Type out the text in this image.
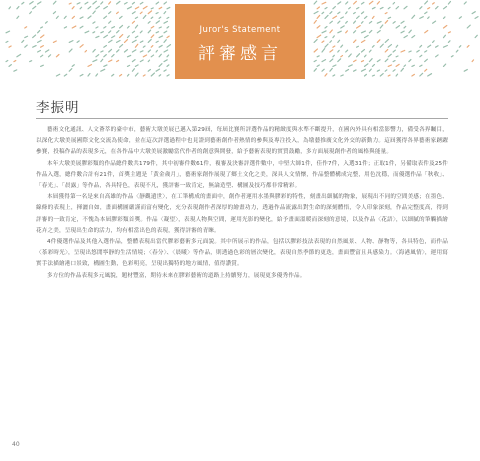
Juror's Statement
評審感言
李振明

藝術文化通訊、人文薈萃的臺中市，藝術大墩美展已邁入第29屆，每屆比賽所評選作品的精緻度與水準不斷提升，在國內外具有相當影響力，備受各界矚目，以深化大墩美展國際文化交流為使命，並在這次評選過程中也見證到藝術創作者熱情的參與及專注投入，為墩藝推廣文化外交的新動力。這屆獲得各界藝術家踴躍參賽，投稿作品的表現多元，在各作品中大墩美展激勵當代作者的創意與開發，給予藝術表現的實質鼓勵，多方面展現創作者的風格與能量。

本年大墩美展膠彩類的作品總件數共179件，其中初審件數61件，複審及決審評選件數中，中堅大師1件，佳作7件，入選31件；正取1件，另備取表件及25件作品入選，總件數合計有21件，首獎主題是「黃金歲月」，藝術家創作展現了鄉土文化之美，深具人文情懷，作品整體構成完整，用色沈穩，而優選作品「秋收」、「春光」、「晨露」等作品，各具特色，表現不凡，獲評審一致肯定，無論造型、構圖及技巧都非常精彩。

本屆獲得第一名是來自高雄的作品〈靜觀遺世〉，在工筆構成的畫面中，創作者運用水墨與膠彩的特性，刻畫出細膩的物象，展現出不同的空間美感；在墨色、線條的表現上，揮灑自如，畫面構圖嚴謹而富有變化，充分表現創作者深厚的繪畫功力，透過作品流露出對生命的深刻體悟，令人印象深刻，作品完整度高，得到評審的一致肯定，不愧為本屆膠彩類首獎。作品〈凝望〉，表現人物與空間，運用光影的變化，給予畫面溫暖而深刻的意境，以及作品〈花語〉，以細膩的筆觸描繪花卉之美，呈現出生命的活力，均有相當出色的表現，獲得評審的青睞。

4件優選作品及其他入選作品，整體表現出當代膠彩藝術多元面貌。其中所展示的作品，包括以膠彩技法表現的自然風景、人物、靜物等，各具特色，而作品〈茶彩時光〉，呈現出悠閒寧靜的生活情境；〈春分〉、〈晨曦〉等作品，則透過色彩的層次變化，表現自然季節的更迭，畫面豐富且具感染力。〈海港風情〉，運用寫實手法描繪港口景致，構圖生動，色彩明亮，呈現出獨特的地方風情，值得讚賞。

多方位的作品表現多元風貌，題材豐富，期待未來在膠彩藝術的道路上持續努力，展現更多優秀作品。

40
